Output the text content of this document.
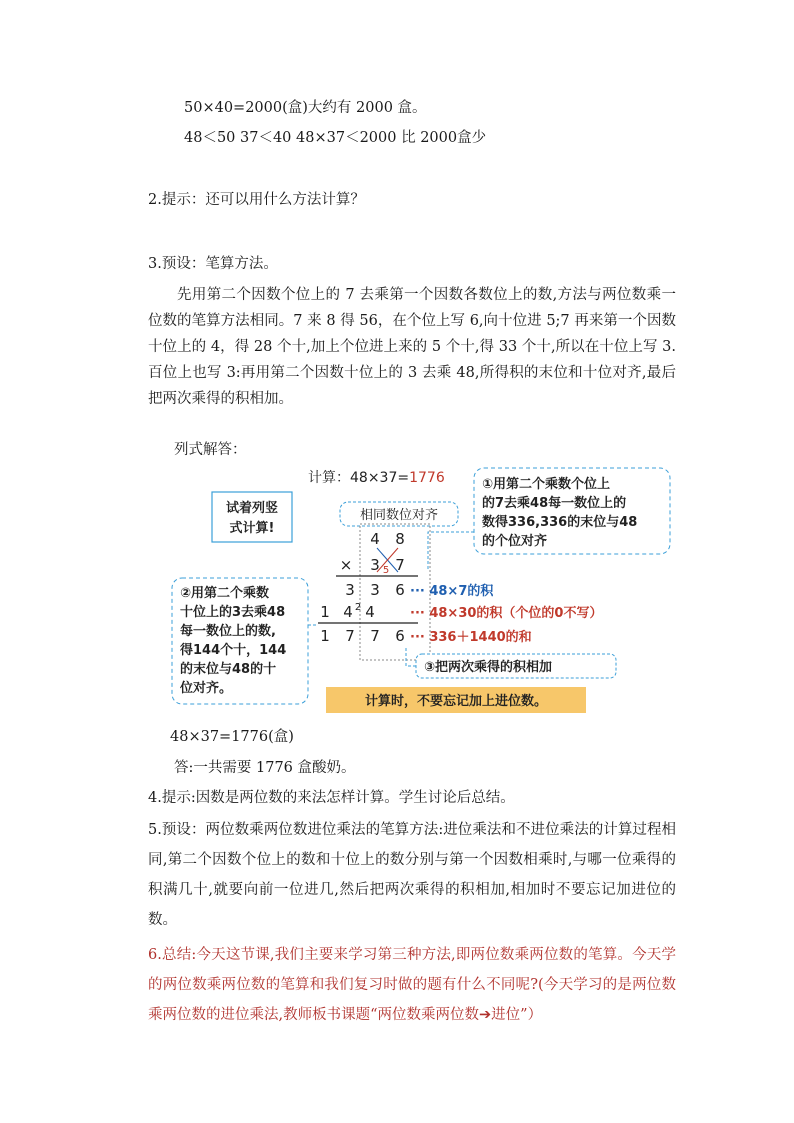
50×40=2000(盒)大约有 2000 盒。
48＜50 37＜40 48×37＜2000 比 2000盒少
2.提示：还可以用什么方法计算？
3.预设：笔算方法。
先用第二个因数个位上的 7 去乘第一个因数各数位上的数,方法与两位数乘一位数的笔算方法相同。7 来 8 得 56，在个位上写 6,向十位进 5;7 再来第一个因数十位上的 4，得 28 个十,加上个位进上来的 5 个十,得 33 个十,所以在十位上写 3.百位上也写 3:再用第二个因数十位上的 3 去乘 48,所得积的末位和十位对齐,最后把两次乘得的积相加。
列式解答：
计算：48×37=1776
试着列竖
式计算!
相同数位对齐
①用第二个乘数个位上
的7去乘48每一数位上的
数得336,336的末位与48
的个位对齐
4 8
× 3 5 7
3 3 6 ··· 48×7的积
1 4 2 4	··· 48×30的积（个位的0不写）
1 7 7 6 ··· 336＋1440的和
②用第二个乘数
十位上的3去乘48
每一数位上的数,
得144个十，144
的末位与48的十
位对齐。
③把两次乘得的积相加
计算时，不要忘记加上进位数。
48×37=1776(盒)
答:一共需要 1776 盒酸奶。
4.提示:因数是两位数的来法怎样计算。学生讨论后总结。
5.预设：两位数乘两位数进位乘法的笔算方法:进位乘法和不进位乘法的计算过程相同,第二个因数个位上的数和十位上的数分别与第一个因数相乘时,与哪一位乘得的积满几十,就要向前一位进几,然后把两次乘得的积相加,相加时不要忘记加进位的数。
6.总结:今天这节课,我们主要来学习第三种方法,即两位数乘两位数的笔算。今天学的两位数乘两位数的笔算和我们复习时做的题有什么不同呢?(今天学习的是两位数乘两位数的进位乘法,教师板书课题“两位数乘两位数➔进位”）
